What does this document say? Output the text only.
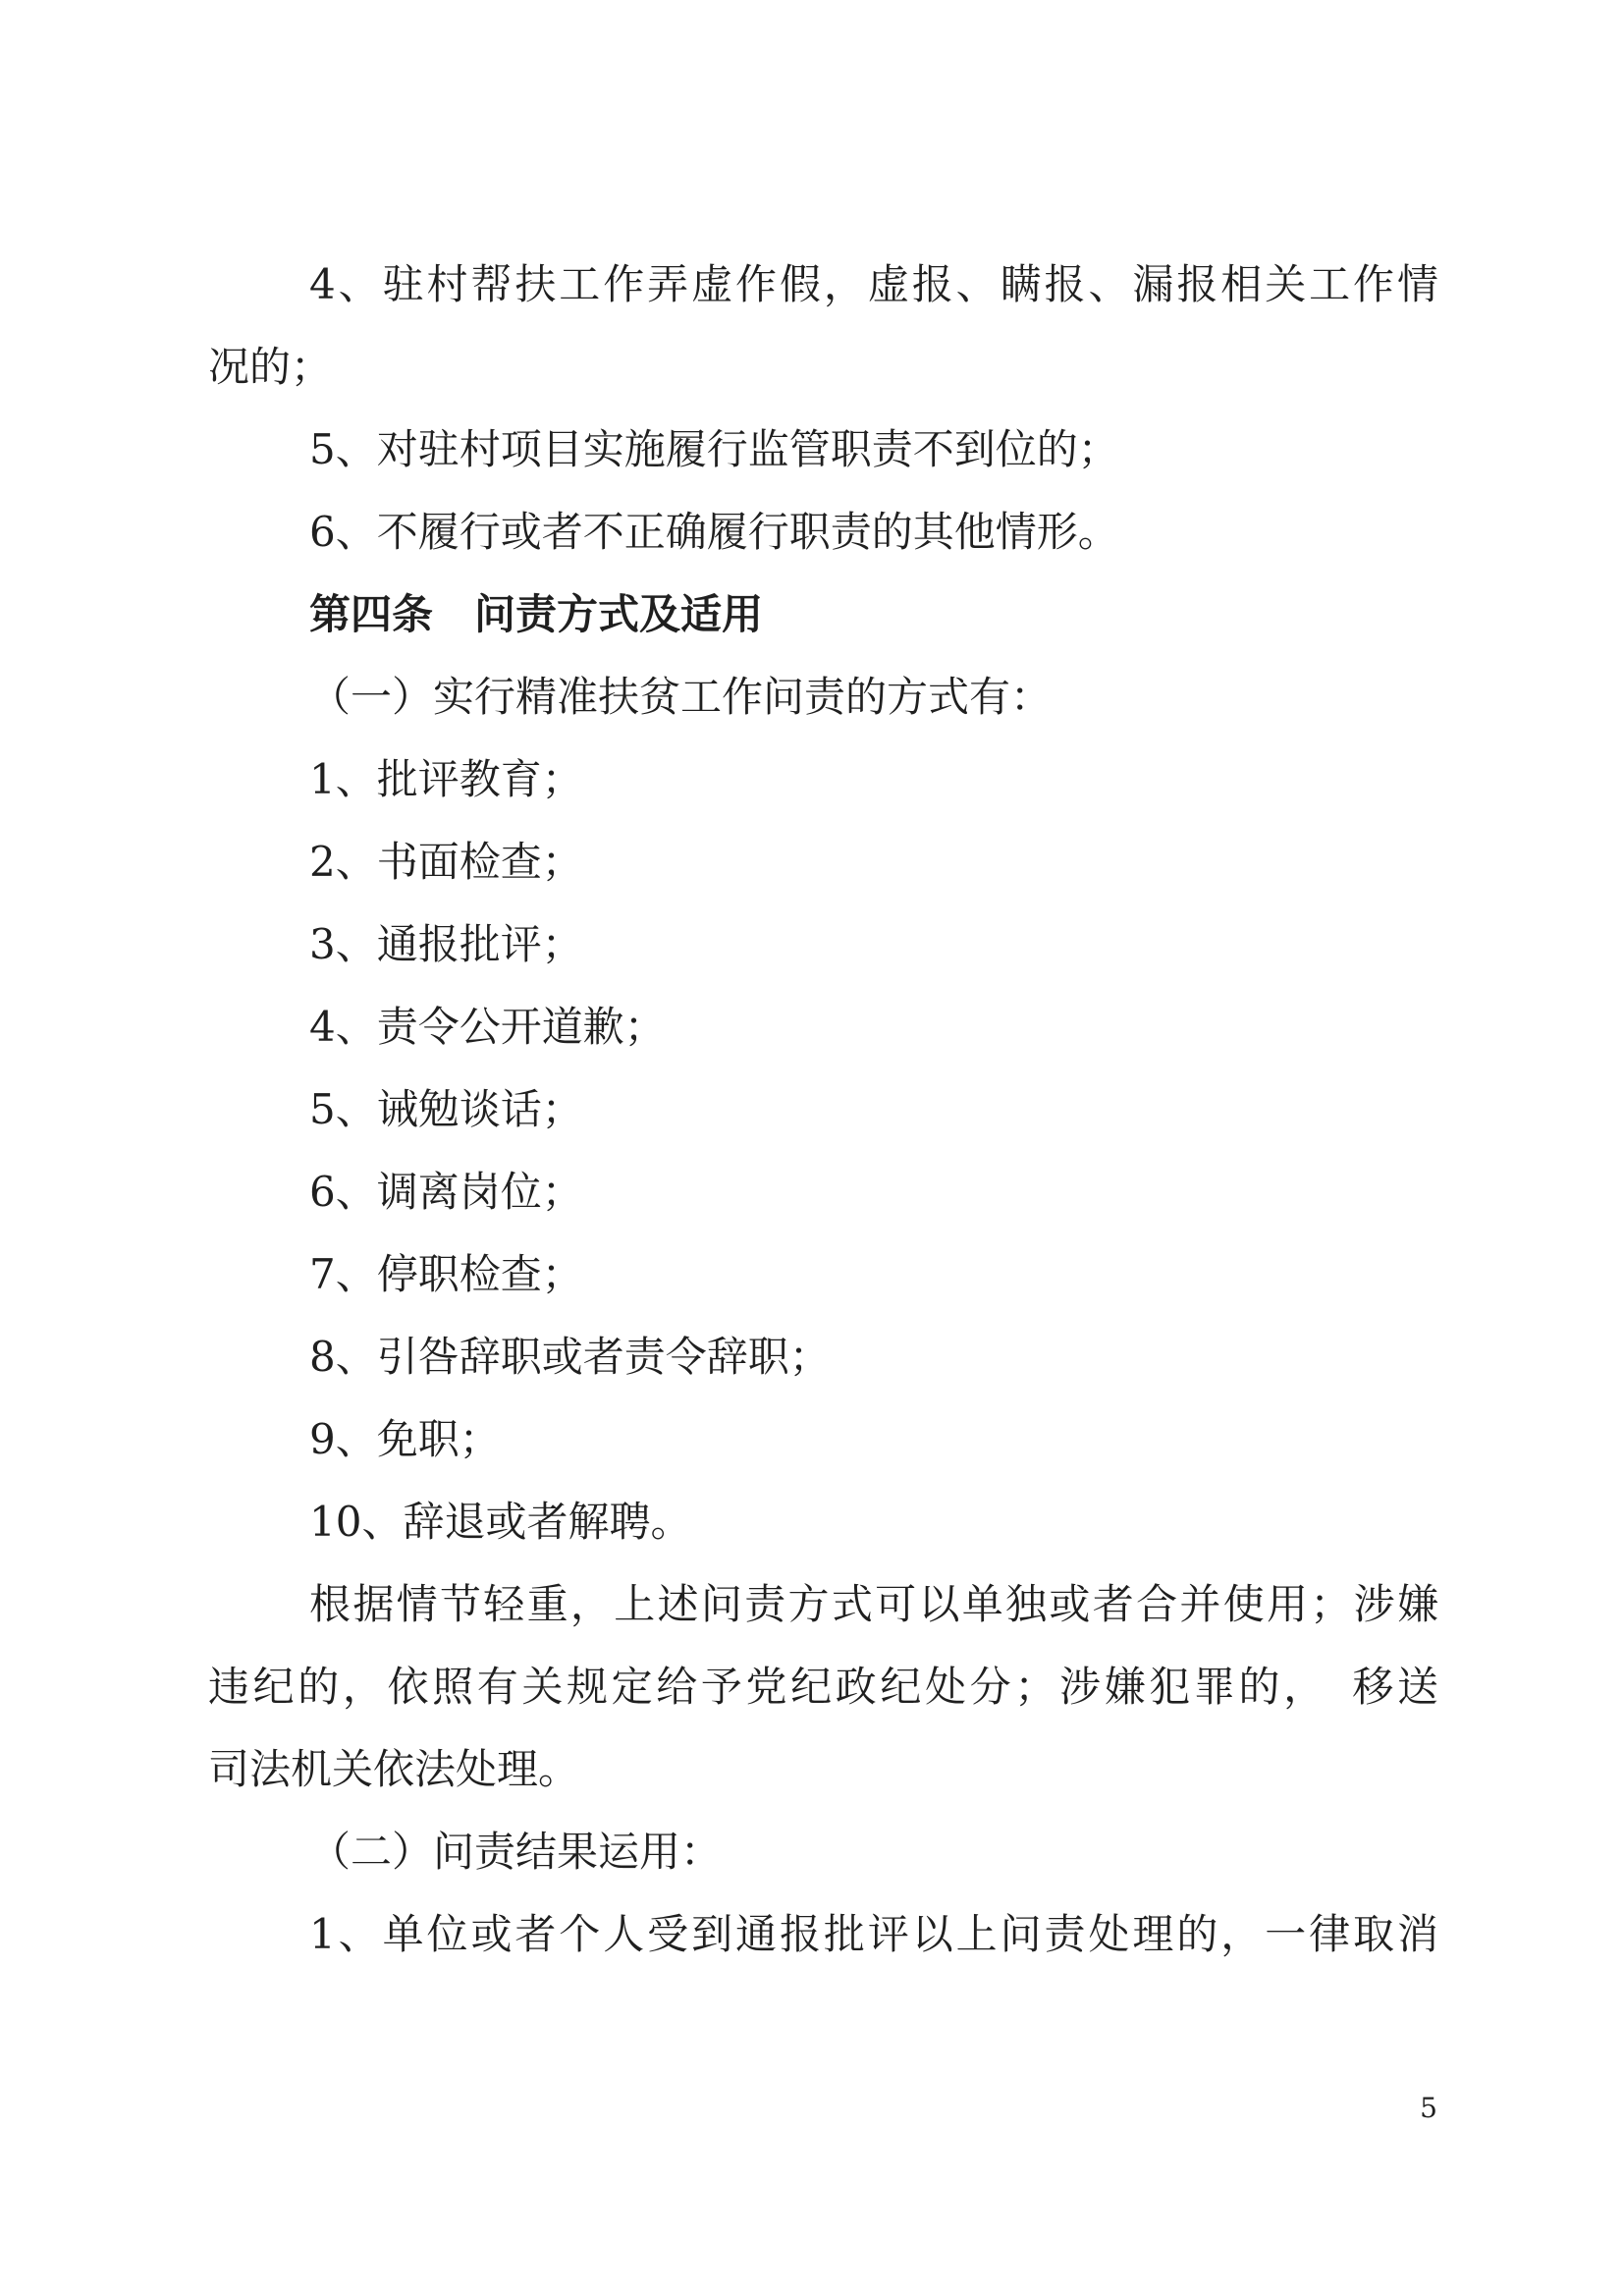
4、驻村帮扶工作弄虚作假，虚报、瞒报、漏报相关工作情
况的；
5、对驻村项目实施履行监管职责不到位的；
6、不履行或者不正确履行职责的其他情形。
第四条　问责方式及适用
（一）实行精准扶贫工作问责的方式有：
1、批评教育；
2、书面检查；
3、通报批评；
4、责令公开道歉；
5、诫勉谈话；
6、调离岗位；
7、停职检查；
8、引咎辞职或者责令辞职；
9、免职；
10、辞退或者解聘。
根据情节轻重，上述问责方式可以单独或者合并使用；涉嫌
违纪的，依照有关规定给予党纪政纪处分；涉嫌犯罪的，　移送
司法机关依法处理。
（二）问责结果运用：
1、单位或者个人受到通报批评以上问责处理的，一律取消
5
